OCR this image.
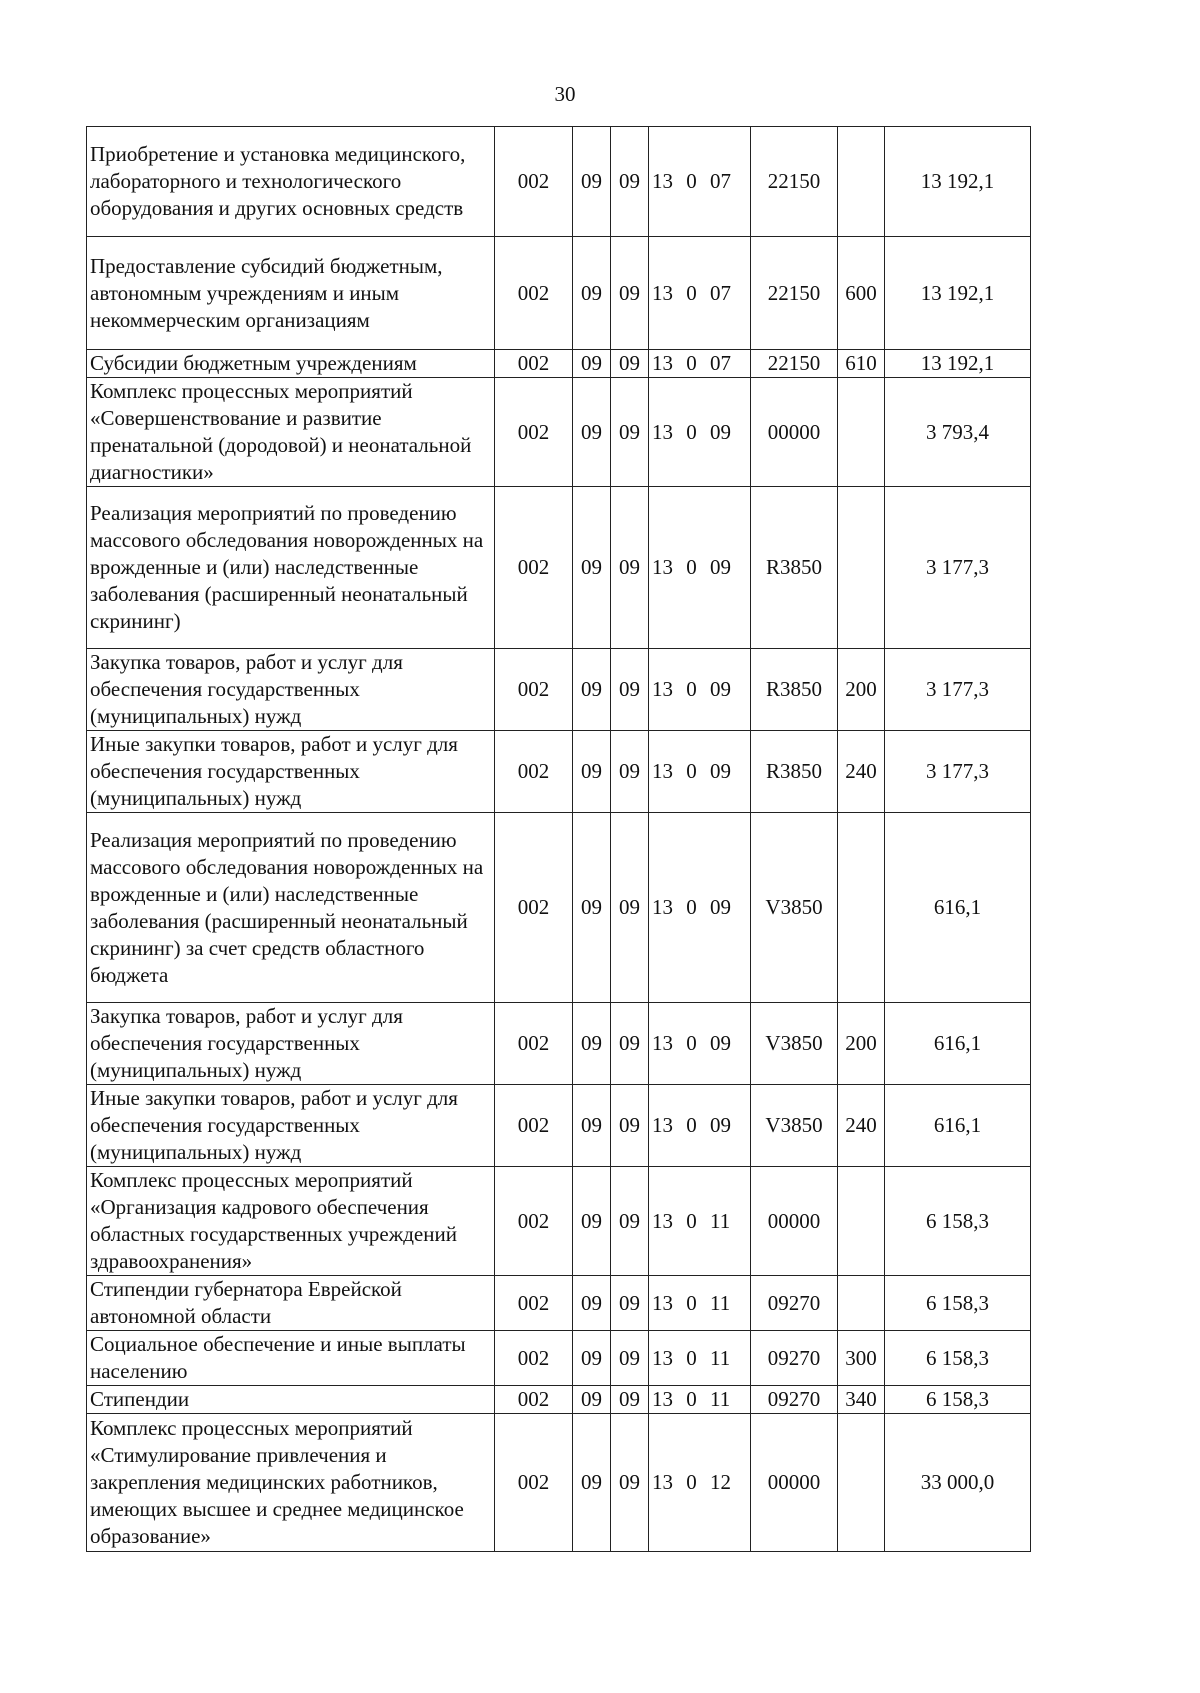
30
Приобретение и установка медицинского, лабораторного и технологического оборудования и других основных средств	002	09	09	13 0 07	22150		13 192,1
Предоставление субсидий бюджетным, автономным учреждениям и иным некоммерческим организациям	002	09	09	13 0 07	22150	600	13 192,1
Субсидии бюджетным учреждениям	002	09	09	13 0 07	22150	610	13 192,1
Комплекс процессных мероприятий «Совершенствование и развитие пренатальной (дородовой) и неонатальной диагностики»	002	09	09	13 0 09	00000		3 793,4
Реализация мероприятий по проведению массового обследования новорожденных на врожденные и (или) наследственные заболевания (расширенный неонатальный скрининг)	002	09	09	13 0 09	R3850		3 177,3
Закупка товаров, работ и услуг для обеспечения государственных (муниципальных) нужд	002	09	09	13 0 09	R3850	200	3 177,3
Иные закупки товаров, работ и услуг для обеспечения государственных (муниципальных) нужд	002	09	09	13 0 09	R3850	240	3 177,3
Реализация мероприятий по проведению массового обследования новорожденных на врожденные и (или) наследственные заболевания (расширенный неонатальный скрининг) за счет средств областного бюджета	002	09	09	13 0 09	V3850		616,1
Закупка товаров, работ и услуг для обеспечения государственных (муниципальных) нужд	002	09	09	13 0 09	V3850	200	616,1
Иные закупки товаров, работ и услуг для обеспечения государственных (муниципальных) нужд	002	09	09	13 0 09	V3850	240	616,1
Комплекс процессных мероприятий «Организация кадрового обеспечения областных государственных учреждений здравоохранения»	002	09	09	13 0 11	00000		6 158,3
Стипендии губернатора Еврейской автономной области	002	09	09	13 0 11	09270		6 158,3
Социальное обеспечение и иные выплаты населению	002	09	09	13 0 11	09270	300	6 158,3
Стипендии	002	09	09	13 0 11	09270	340	6 158,3
Комплекс процессных мероприятий «Стимулирование привлечения и закрепления медицинских работников, имеющих высшее и среднее медицинское образование»	002	09	09	13 0 12	00000		33 000,0
